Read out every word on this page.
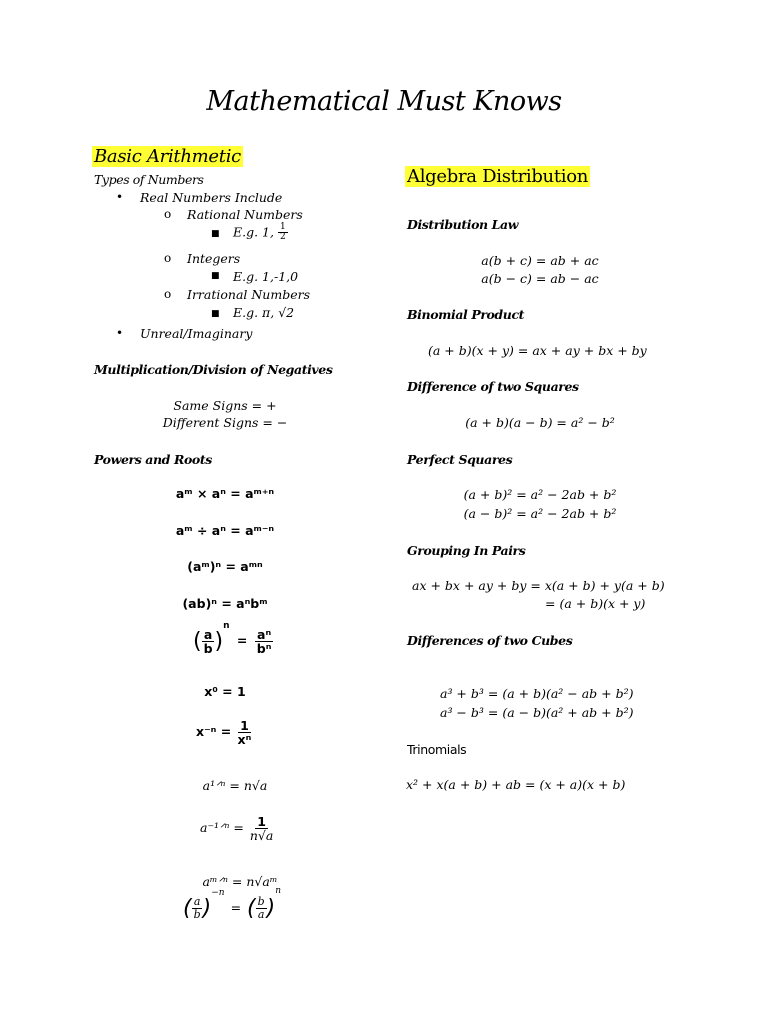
Mathematical Must Knows
Basic Arithmetic
Types of Numbers
• Real Numbers Include
o Rational Numbers
■ E.g. 1, $\frac{1}{2}$
o Integers
■ E.g. 1,-1,0
o Irrational Numbers
■ E.g. π, √2
• Unreal/Imaginary
Multiplication/Division of Negatives
Same Signs = +
Different Signs = −
Powers and Roots
aᵐ × aⁿ = aᵐ⁺ⁿ
aᵐ ÷ aⁿ = aᵐ⁻ⁿ
(aᵐ)ⁿ = aᵐⁿ
(ab)ⁿ = aⁿbᵐ
( $\frac{a}{b} )^n = \frac{\text{aⁿ}}{\text{bⁿ}}$
x⁰ = 1
$x^{-n} = \frac{1}{\text{xⁿ}}$
a¹ᐟⁿ = n√a
a⁻¹ᐟⁿ = $\frac{1}{n√a}$
aᵐᐟⁿ = n√aᵐ
( $\frac{a}{b} )^{-n}$ = ( $\frac{b}{a} )^n$
Algebra Distribution
Distribution Law
a(b + c) = ab + ac
a(b − c) = ab − ac
Binomial Product
(a + b)(x + y) = ax + ay + bx + by
Difference of two Squares
(a + b)(a − b) = a² − b²
Perfect Squares
(a + b)² = a² − 2ab + b²
(a − b)² = a² − 2ab + b²
Grouping In Pairs
ax + bx + ay + by = x(a + b) + y(a + b)
= (a + b)(x + y)
Differences of two Cubes
a³ + b³ = (a + b)(a² − ab + b²)
a³ − b³ = (a − b)(a² + ab + b²)
Trinomials
x² + x(a + b) + ab = (x + a)(x + b)
